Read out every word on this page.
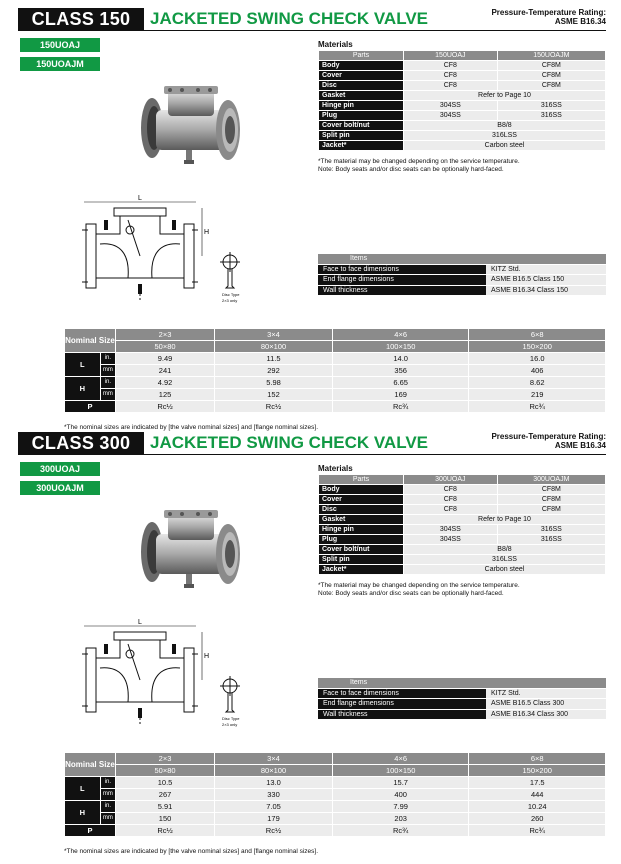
CLASS 150	JACKETED SWING CHECK VALVE	Pressure-Temperature Rating:
ASME B16.34
150UOAJ
150UOAJM
L
H
Disc Type
2×3 only
Materials
Parts	150UOAJ	150UOAJM
Body	CF8	CF8M
Cover	CF8	CF8M
Disc	CF8	CF8M
Gasket	Refer to Page 10	
Hinge pin	304SS	316SS
Plug	304SS	316SS
Cover bolt/nut	B8/8	
Split pin	316LSS	
Jacket*	Carbon steel	
*The material may be changed depending on the service temperature.
Note: Body seats and/or disc seats can be optionally hard-faced.
Items	
Face to face dimensions	KITZ Std.
End flange dimensions	ASME B16.5 Class 150
Wall thickness	ASME B16.34 Class 150
Nominal Size		2×3	3×4	4×6	6×8
		50×80	80×100	100×150	150×200
L	in.	9.49	11.5	14.0	16.0
	mm	241	292	356	406
H	in.	4.92	5.98	6.65	8.62
	mm	125	152	169	219
P		Rc½	Rc½	Rc¾	Rc¾
*The nominal sizes are indicated by [the valve nominal sizes] and [flange nominal sizes].
CLASS 300	JACKETED SWING CHECK VALVE	Pressure-Temperature Rating:
ASME B16.34
300UOAJ
300UOAJM
L
H
Disc Type
2×3 only
Materials
Parts	300UOAJ	300UOAJM
Body	CF8	CF8M
Cover	CF8	CF8M
Disc	CF8	CF8M
Gasket	Refer to Page 10	
Hinge pin	304SS	316SS
Plug	304SS	316SS
Cover bolt/nut	B8/8	
Split pin	316LSS	
Jacket*	Carbon steel	
*The material may be changed depending on the service temperature.
Note: Body seats and/or disc seats can be optionally hard-faced.
Items	
Face to face dimensions	KITZ Std.
End flange dimensions	ASME B16.5 Class 300
Wall thickness	ASME B16.34 Class 300
Nominal Size		2×3	3×4	4×6	6×8
		50×80	80×100	100×150	150×200
L	in.	10.5	13.0	15.7	17.5
	mm	267	330	400	444
H	in.	5.91	7.05	7.99	10.24
	mm	150	179	203	260
P		Rc½	Rc½	Rc¾	Rc¾
*The nominal sizes are indicated by [the valve nominal sizes] and [flange nominal sizes].
